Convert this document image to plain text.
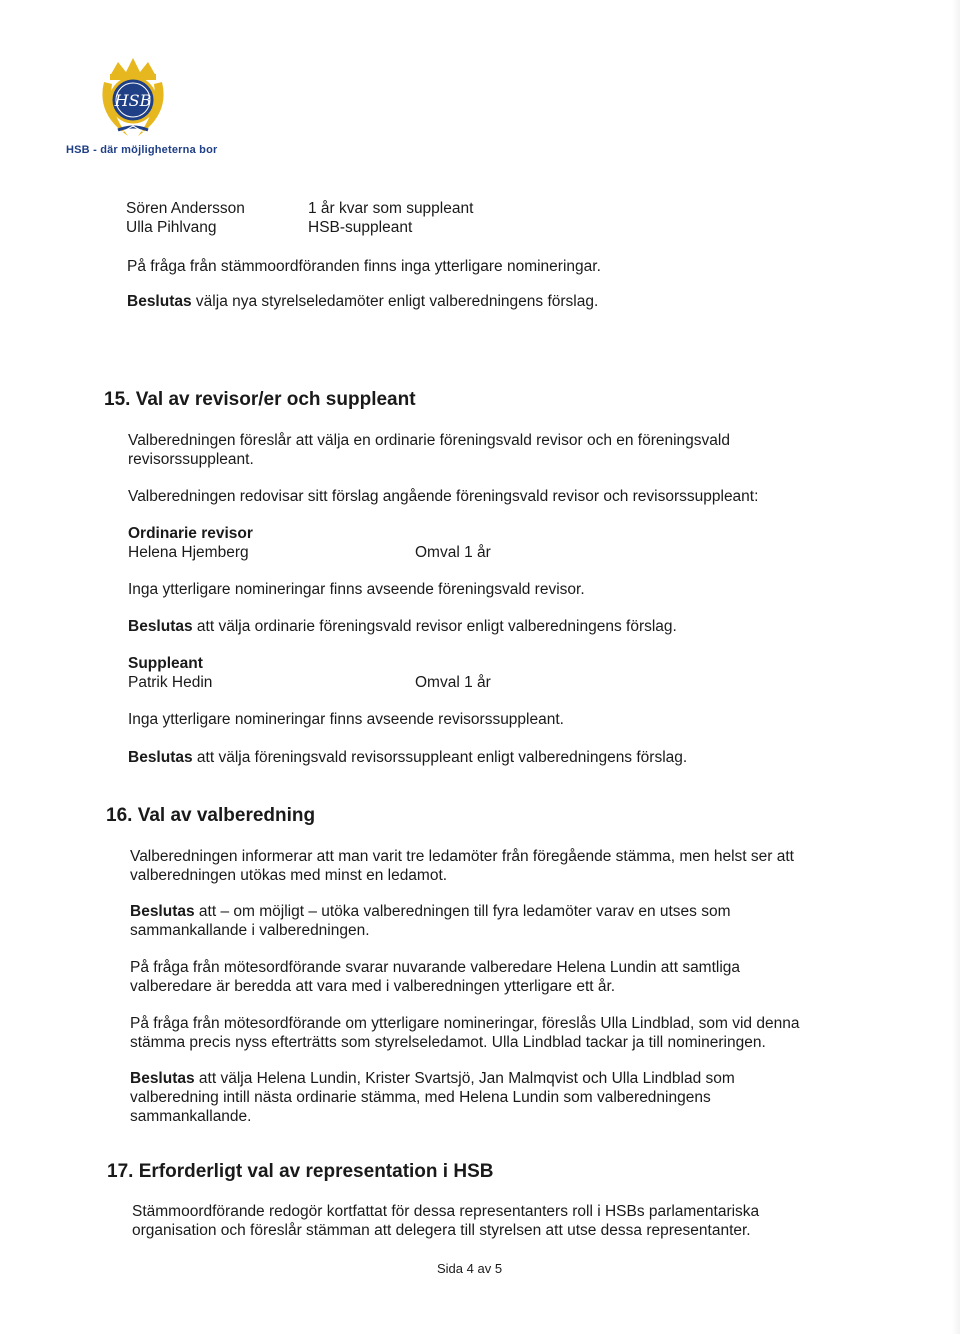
HSB
HSB - där möjligheterna bor
Sören Andersson	1 år kvar som suppleant
Ulla Pihlvang	HSB-suppleant
På fråga från stämmoordföranden finns inga ytterligare nomineringar.
Beslutas välja nya styrelseledamöter enligt valberedningens förslag.
15. Val av revisor/er och suppleant
Valberedningen föreslår att välja en ordinarie föreningsvald revisor och en föreningsvald
revisorssuppleant.
Valberedningen redovisar sitt förslag angående föreningsvald revisor och revisorssuppleant:
Ordinarie revisor
Helena Hjemberg	Omval 1 år
Inga ytterligare nomineringar finns avseende föreningsvald revisor.
Beslutas att välja ordinarie föreningsvald revisor enligt valberedningens förslag.
Suppleant
Patrik Hedin	Omval 1 år
Inga ytterligare nomineringar finns avseende revisorssuppleant.
Beslutas att välja föreningsvald revisorssuppleant enligt valberedningens förslag.
16. Val av valberedning
Valberedningen informerar att man varit tre ledamöter från föregående stämma, men helst ser att
valberedningen utökas med minst en ledamot.
Beslutas att – om möjligt – utöka valberedningen till fyra ledamöter varav en utses som
sammankallande i valberedningen.
På fråga från mötesordförande svarar nuvarande valberedare Helena Lundin att samtliga
valberedare är beredda att vara med i valberedningen ytterligare ett år.
På fråga från mötesordförande om ytterligare nomineringar, föreslås Ulla Lindblad, som vid denna
stämma precis nyss efterträtts som styrelseledamot. Ulla Lindblad tackar ja till nomineringen.
Beslutas att välja Helena Lundin, Krister Svartsjö, Jan Malmqvist och Ulla Lindblad som
valberedning intill nästa ordinarie stämma, med Helena Lundin som valberedningens
sammankallande.
17. Erforderligt val av representation i HSB
Stämmoordförande redogör kortfattat för dessa representanters roll i HSBs parlamentariska
organisation och föreslår stämman att delegera till styrelsen att utse dessa representanter.
Sida 4 av 5
